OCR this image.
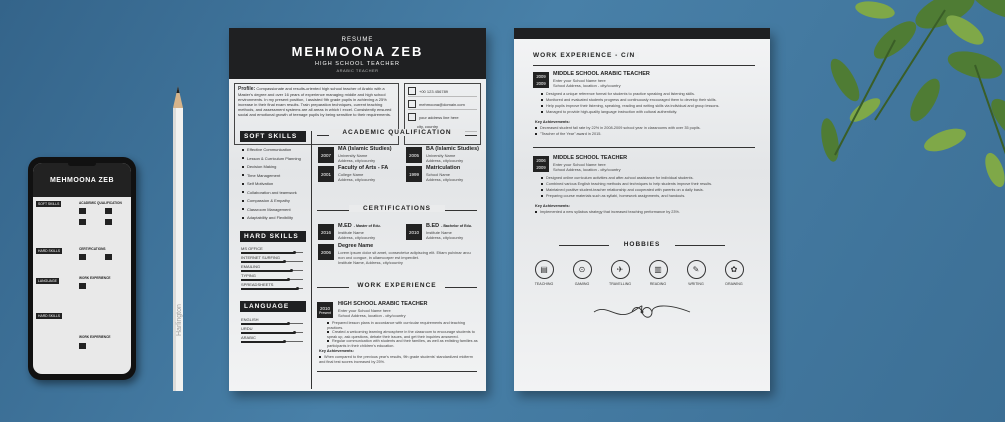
MEHMOONA ZEB
SOFT SKILLS	ACADEMIC QUALIFICATION
CERTIFICATIONS
HARD SKILLS
WORK EXPERIENCE
LANGUAGE
HARD SKILLS
WORK EXPERIENCE
Harlington
RESUME
MEHMOONA ZEB
HIGH SCHOOL TEACHER
ARABIC TEACHER
Profile: Compassionate and results-oriented high school teacher of Arabic with a Master's degree and over 16 years of experience managing middle and high school environments. In my present position, I assisted 9th grade pupils in achieving a 25% increase in their final exam results. Train preparation techniques, current teaching methods, and assessment systems are all areas in which I excel. Consistently ensured social and emotional growth of teenage pupils by being sensitive to their requirements.
+00 123 456789
mehmoona@domain.com
your address line here
city, country
SOFT SKILLS
Effective Communication
Lesson & Curriculum Planning
Decision Making
Time Management
Self Motivation
Collaboration and teamwork
Compassion & Empathy
Classroom Management
Adaptability and Flexibility
HARD SKILLS
MS OFFICE
INTERNET SURFING
EMAILING
TYPING
SPREADSHEETS
LANGUAGE
ENGLISH
URDU
ARABIC
ACADEMIC QUALIFICATION
2007
MA (Islamic Studies)
University Name
Address, city/country
2005
BA (Islamic Studies)
University Name
Address, city/country
2001
Faculty of Arts - FA
College Name
Address, city/country
1999
Matriculation
School Name
Address, city/country
CERTIFICATIONS
2016
M.ED - Master of Edu.
Institute Name
Address, city/country
2010
B.ED - Bachelor of Edu.
Institute Name
Address, city/country
2006
Degree Name
Lorem ipsum dolor sit amet, consectetur adipiscing elit. Etiam pulvinar arcu non orci congue, in ullamcorper est imperdiet.
Institute Name, Address, city/country
WORK EXPERIENCE
2010
Present
HIGH SCHOOL ARABIC TEACHER
Enter your School Name here
School Address, location - city/country
Prepared lesson plans in accordance with curricular requirements and teaching practices.
Created a welcoming learning atmosphere in the classroom to encourage students to speak up, ask questions, debate their issues, and get their inquiries answered.
Regular communication with students and their families, as well as enlisting families as participants in their children's education.
Key Achievements:
When compared to the previous year's results, 9th grade students' standardized midterm and final test scores increased by 25%.
WORK EXPERIENCE - C/N
2009
2009
MIDDLE SCHOOL ARABIC TEACHER
Enter your School Name here
School Address, location - city/country
Designed a unique reference format for students to practice speaking and listening skills.
Monitored and evaluated students progress and continuously encouraged them to develop their skills.
Help pupils improve their listening, speaking, reading and writing skills via individual and group lessons.
Managed to provide high-quality language instruction with cultural authenticity.
Key Achievements:
Decreased student fail rate by 22% in 2008-2009 school year in classrooms with over 35 pupils.
"Teacher of the Year" award in 2015.
2006
2009
MIDDLE SCHOOL TEACHER
Enter your School Name here
School Address, location - city/country
Designed online curriculum activities and after-school assistance for individual students.
Combined various English teaching methods and techniques to help students improve their results.
Maintained positive student-teacher relationship and cooperated with parents on a daily basis.
Preparing course materials such as syllabi, homework assignments, and handouts.
Key Achievements:
Implemented a new syllabus strategy that increased teaching performance by 23%.
HOBBIES
▤
TEACHING
⊙
GAMING
✈
TRAVELLING
▥
READING
✎
WRITING
✿
DRAWING
